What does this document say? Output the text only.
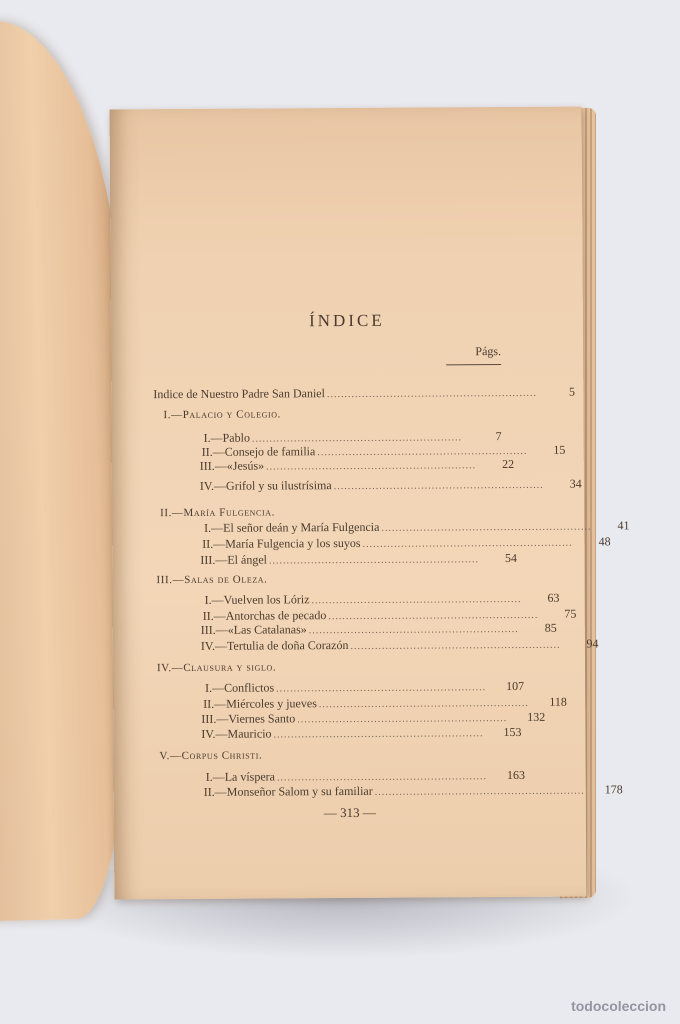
ÍNDICE
Págs.
Indice de Nuestro Padre San Daniel ............................................................	5
I.—Palacio y Colegio.
I.—Pablo ............................................................	7
II.—Consejo de familia ............................................................	15
III.—«Jesús» ............................................................	22
IV.—Grifol y su ilustrísima ............................................................	34
II.—María Fulgencia.
I.—El señor deán y María Fulgencia ............................................................	41
II.—María Fulgencia y los suyos ............................................................	48
III.—El ángel ............................................................	54
III.—Salas de Oleza.
I.—Vuelven los Lóriz ............................................................	63
II.—Antorchas de pecado ............................................................	75
III.—«Las Catalanas» ............................................................	85
IV.—Tertulia de doña Corazón ............................................................	94
IV.—Clausura y siglo.
I.—Conflictos ............................................................	107
II.—Miércoles y jueves ............................................................	118
III.—Viernes Santo ............................................................	132
IV.—Mauricio ............................................................	153
V.—Corpus Christi.
I.—La víspera ............................................................	163
II.—Monseñor Salom y su familiar ............................................................	178
— 313 —
todocoleccion
